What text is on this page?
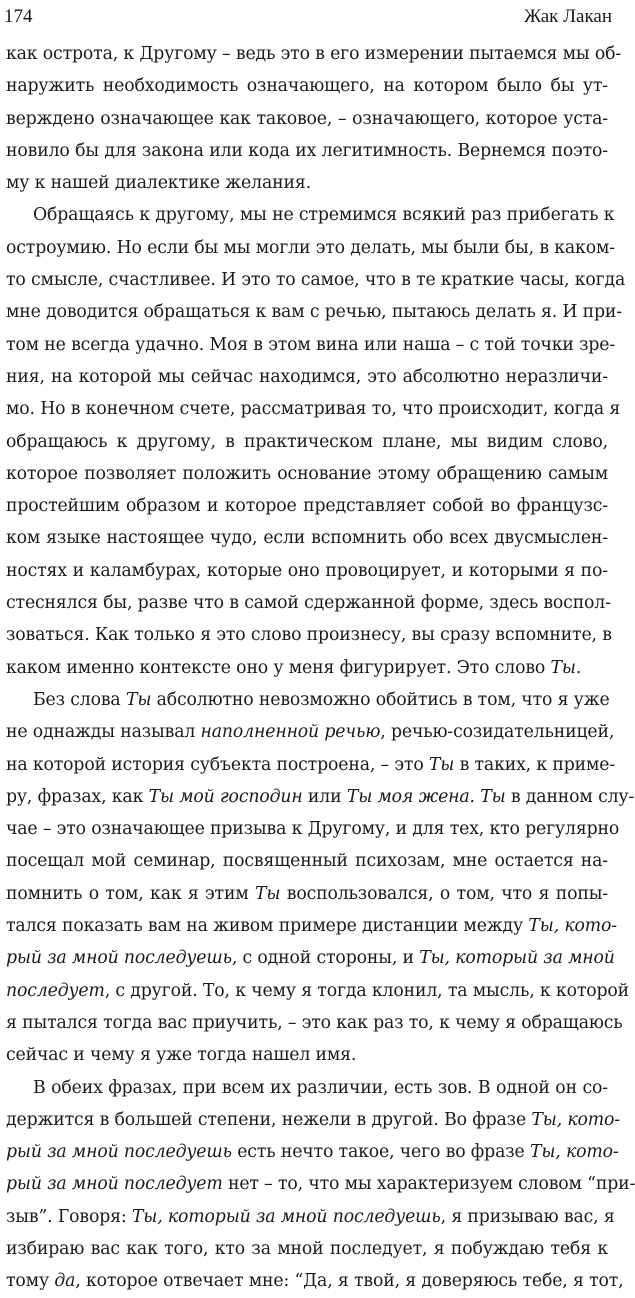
174	Жак Лакан
как острота, к Другому – ведь это в его измерении пытаемся мы об-
наружить необходимость означающего, на котором было бы ут-
верждено означающее как таковое, – означающего, которое уста-
новило бы для закона или кода их легитимность. Вернемся поэто-
му к нашей диалектике желания.
Обращаясь к другому, мы не стремимся всякий раз прибегать к
остроумию. Но если бы мы могли это делать, мы были бы, в каком-
то смысле, счастливее. И это то самое, что в те краткие часы, когда
мне доводится обращаться к вам с речью, пытаюсь делать я. И при-
том не всегда удачно. Моя в этом вина или наша – с той точки зре-
ния, на которой мы сейчас находимся, это абсолютно неразличи-
мо. Но в конечном счете, рассматривая то, что происходит, когда я
обращаюсь к другому, в практическом плане, мы видим слово,
которое позволяет положить основание этому обращению самым
простейшим образом и которое представляет собой во французс-
ком языке настоящее чудо, если вспомнить обо всех двусмыслен-
ностях и каламбурах, которые оно провоцирует, и которыми я по-
стеснялся бы, разве что в самой сдержанной форме, здесь воспол-
зоваться. Как только я это слово произнесу, вы сразу вспомните, в
каком именно контексте оно у меня фигурирует. Это слово Ты.
Без слова Ты абсолютно невозможно обойтись в том, что я уже
не однажды называл наполненной речью, речью-созидательницей,
на которой история субъекта построена, – это Ты в таких, к приме-
ру, фразах, как Ты мой господин или Ты моя жена. Ты в данном слу-
чае – это означающее призыва к Другому, и для тех, кто регулярно
посещал мой семинар, посвященный психозам, мне остается на-
помнить о том, как я этим Ты воспользовался, о том, что я попы-
тался показать вам на живом примере дистанции между Ты, кото-
рый за мной последуешь, с одной стороны, и Ты, который за мной
последует, с другой. То, к чему я тогда клонил, та мысль, к которой
я пытался тогда вас приучить, – это как раз то, к чему я обращаюсь
сейчас и чему я уже тогда нашел имя.
В обеих фразах, при всем их различии, есть зов. В одной он со-
держится в большей степени, нежели в другой. Во фразе Ты, кото-
рый за мной последуешь есть нечто такое, чего во фразе Ты, кото-
рый за мной последует нет – то, что мы характеризуем словом “при-
зыв”. Говоря: Ты, который за мной последуешь, я призываю вас, я
избираю вас как того, кто за мной последует, я побуждаю тебя к
тому да, которое отвечает мне: “Да, я твой, я доверяюсь тебе, я тот,
